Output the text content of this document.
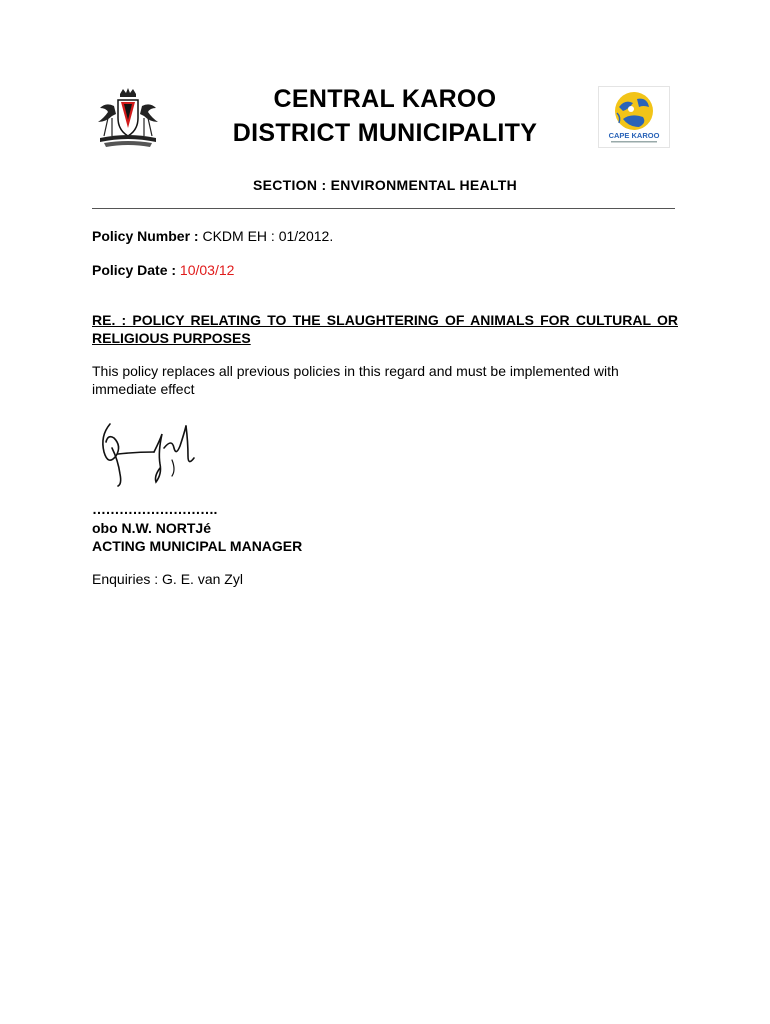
CENTRAL KAROO
DISTRICT MUNICIPALITY	CAPE KAROO
SECTION : ENVIRONMENTAL HEALTH
Policy Number : CKDM EH : 01/2012.
Policy Date : 10/03/12
RE. : POLICY RELATING TO THE SLAUGHTERING OF ANIMALS FOR CULTURAL OR RELIGIOUS PURPOSES
This policy replaces all previous policies in this regard and must be implemented with immediate effect
……………………….
obo N.W. NORTJé
ACTING MUNICIPAL MANAGER
Enquiries : G. E. van Zyl
